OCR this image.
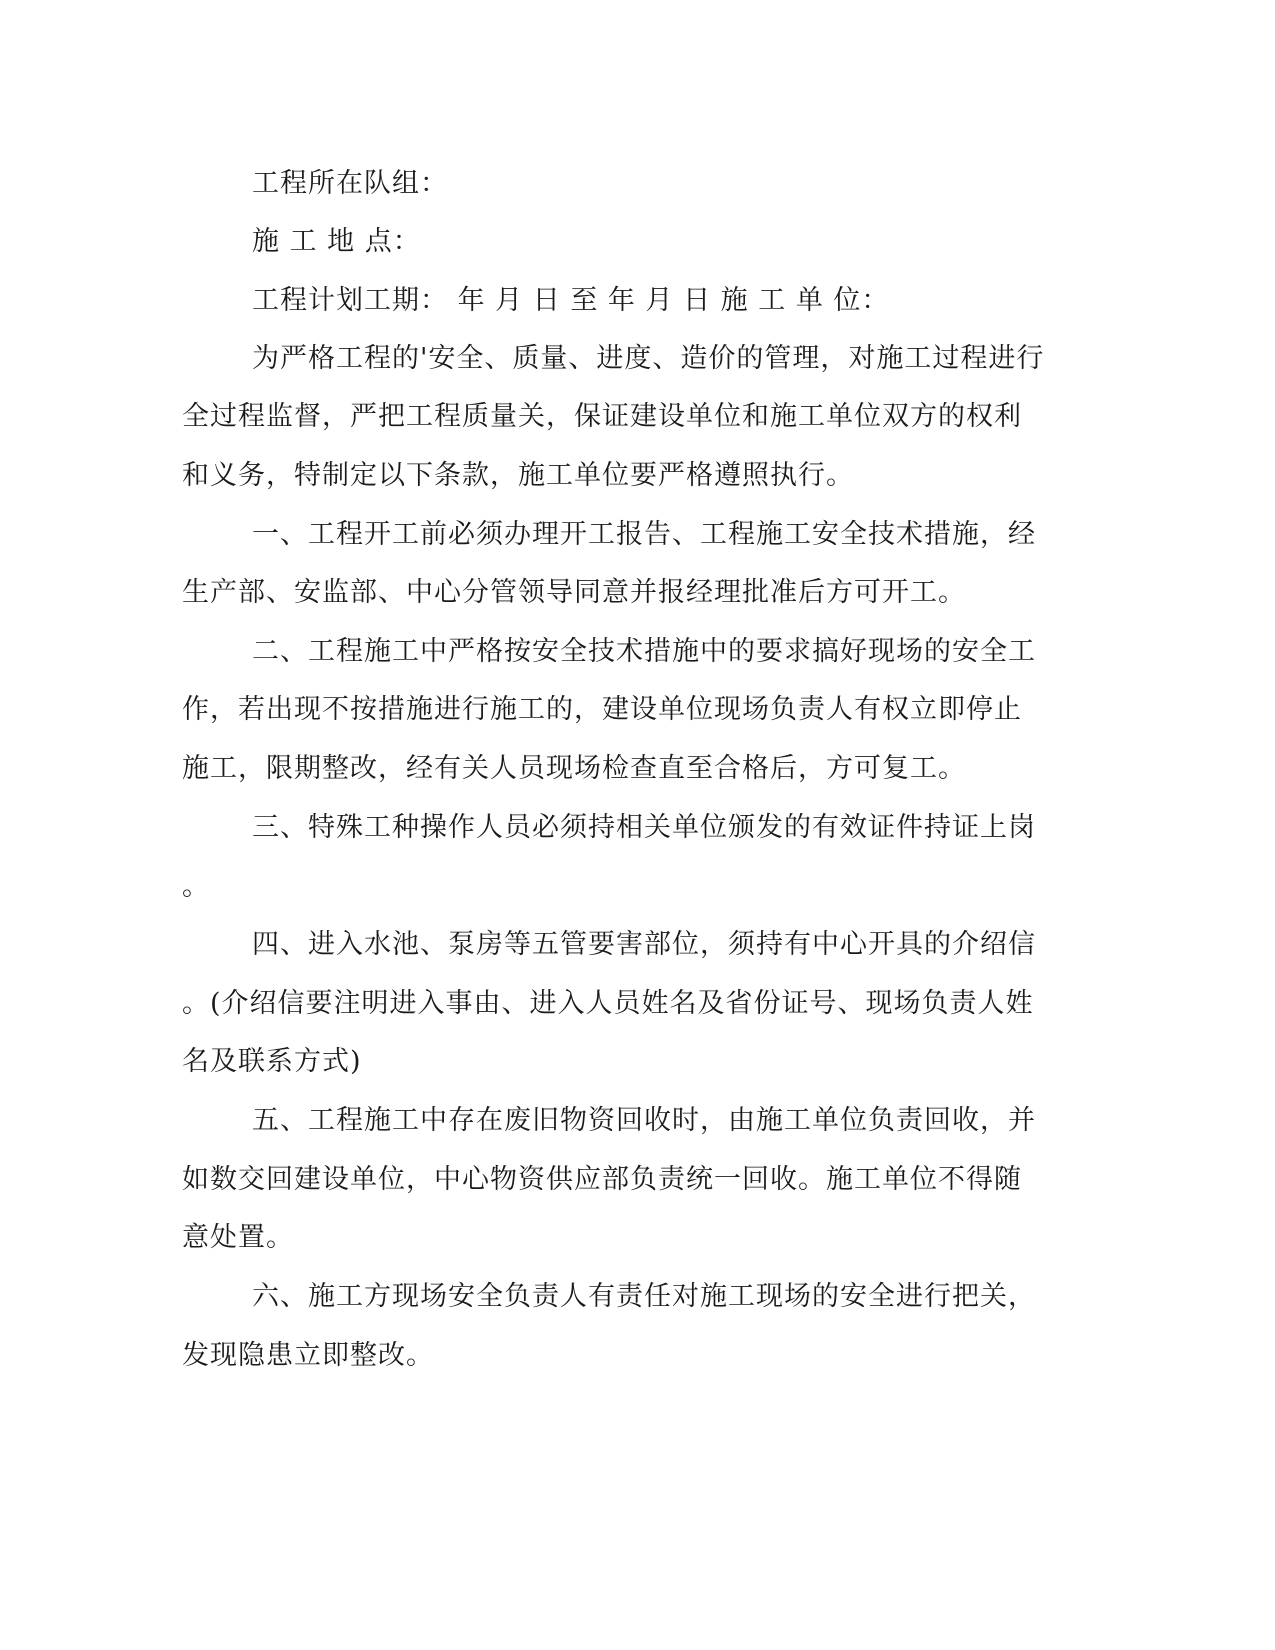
工程所在队组：
施 工 地 点：
工程计划工期： 年 月 日 至 年 月 日 施 工 单 位：
为严格工程的'安全、质量、进度、造价的管理，对施工过程进行
全过程监督，严把工程质量关，保证建设单位和施工单位双方的权利
和义务，特制定以下条款，施工单位要严格遵照执行。
一、工程开工前必须办理开工报告、工程施工安全技术措施，经
生产部、安监部、中心分管领导同意并报经理批准后方可开工。
二、工程施工中严格按安全技术措施中的要求搞好现场的安全工
作，若出现不按措施进行施工的，建设单位现场负责人有权立即停止
施工，限期整改，经有关人员现场检查直至合格后，方可复工。
三、特殊工种操作人员必须持相关单位颁发的有效证件持证上岗
。
四、进入水池、泵房等五管要害部位，须持有中心开具的介绍信
。(介绍信要注明进入事由、进入人员姓名及省份证号、现场负责人姓
名及联系方式)
五、工程施工中存在废旧物资回收时，由施工单位负责回收，并
如数交回建设单位，中心物资供应部负责统一回收。施工单位不得随
意处置。
六、施工方现场安全负责人有责任对施工现场的安全进行把关，
发现隐患立即整改。
